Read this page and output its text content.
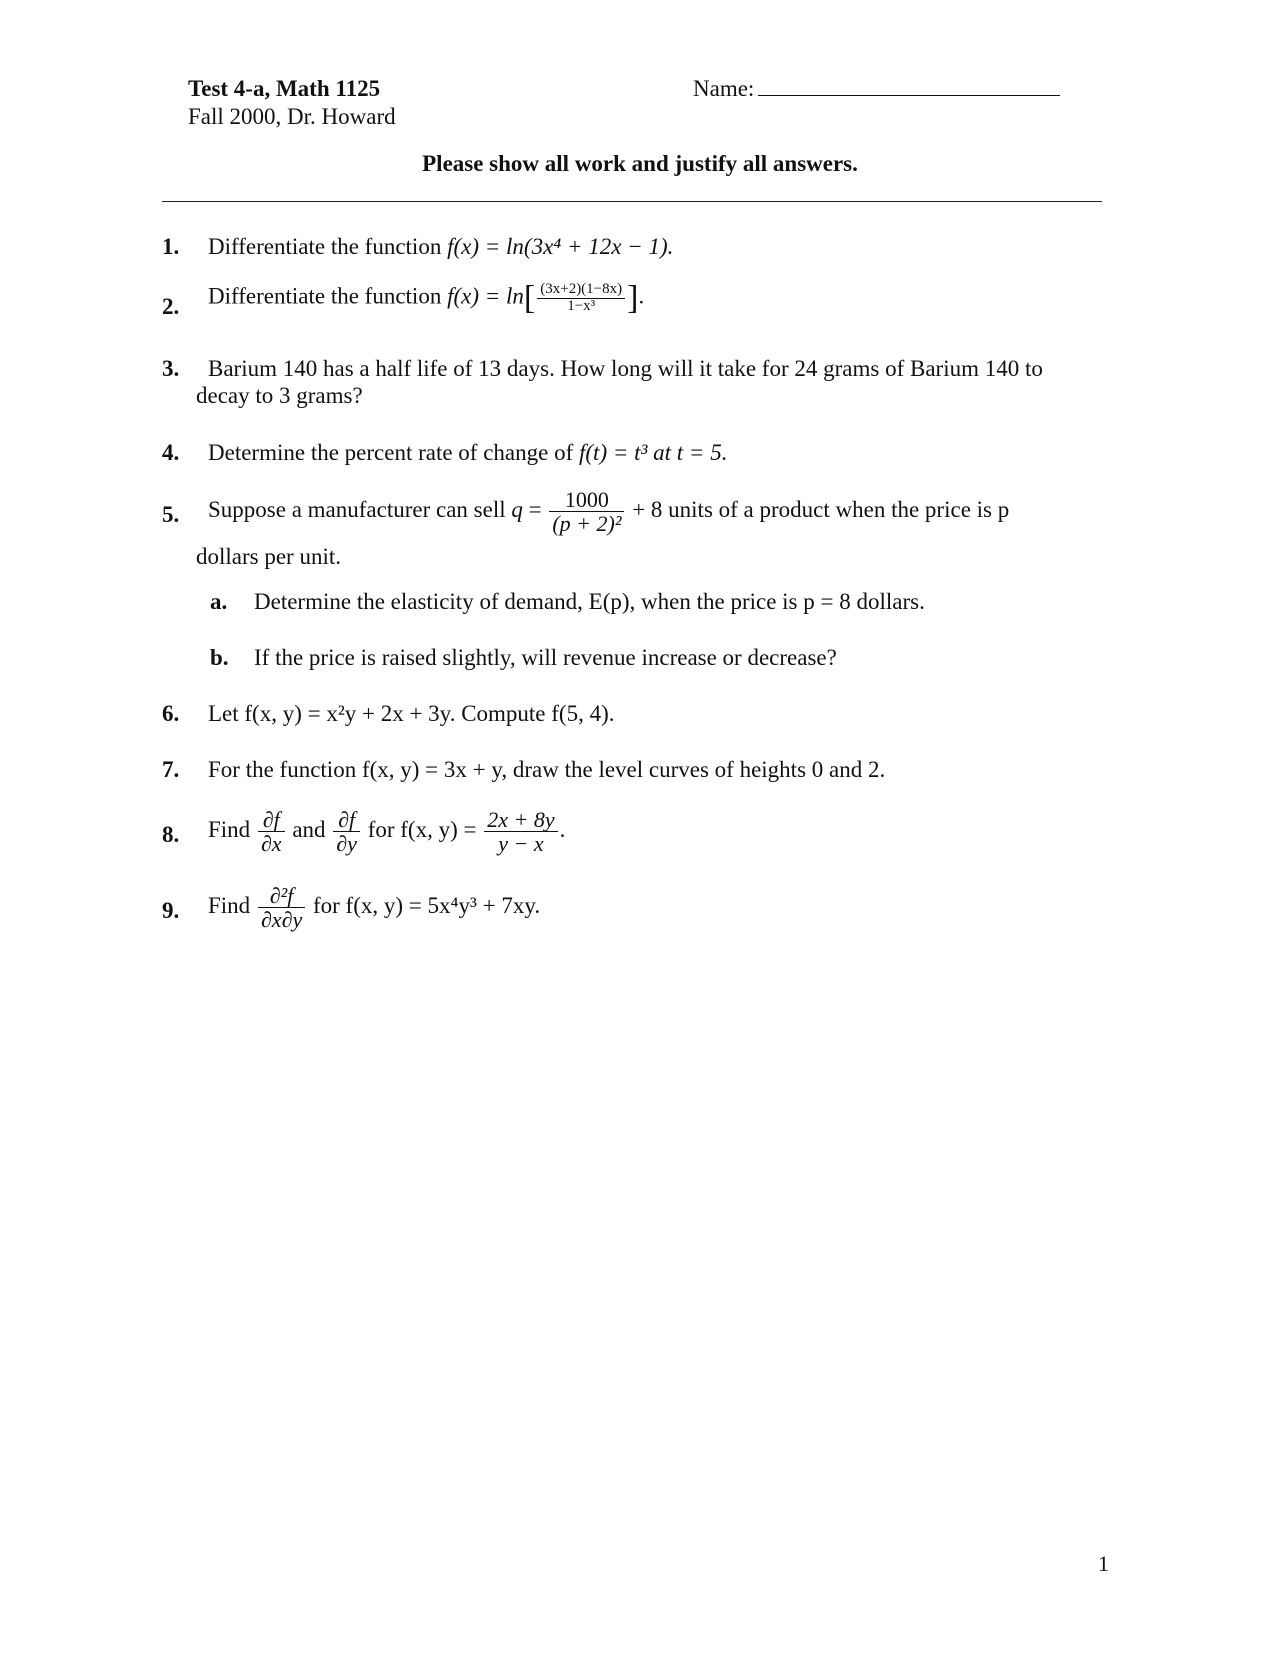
Test 4-a, Math 1125
Fall 2000, Dr. Howard
Name:
Please show all work and justify all answers.
1. Differentiate the function f(x) = ln(3x⁴ + 12x − 1).
2. Differentiate the function $f(x) = \ln[ \frac{(3x+2)(1-8x)}{\text{1−x³}}$ ].
3. Barium 140 has a half life of 13 days. How long will it take for 24 grams of Barium 140 to
decay to 3 grams?
4. Determine the percent rate of change of f(t) = t³ at t = 5.
5. Suppose a manufacturer can sell $q = \frac{1000}{\text{(p + 2)²}} + 8$ units of a product when the price is p
dollars per unit.
a. Determine the elasticity of demand, E(p), when the price is p = 8 dollars.
b. If the price is raised slightly, will revenue increase or decrease?
6. Let f(x, y) = x²y + 2x + 3y. Compute f(5, 4).
7. For the function f(x, y) = 3x + y, draw the level curves of heights 0 and 2.
8. Find $\frac{\partial f}{\partial x}$ and $\frac{\partial f}{\partial y}$ for f(x, $y) = \frac{2x + 8y}{y - x}$ .
9. Find $\frac{\text{∂²f}}{\partial x\partial y}$ for f(x, y) = 5x⁴y³ + 7xy.
1
